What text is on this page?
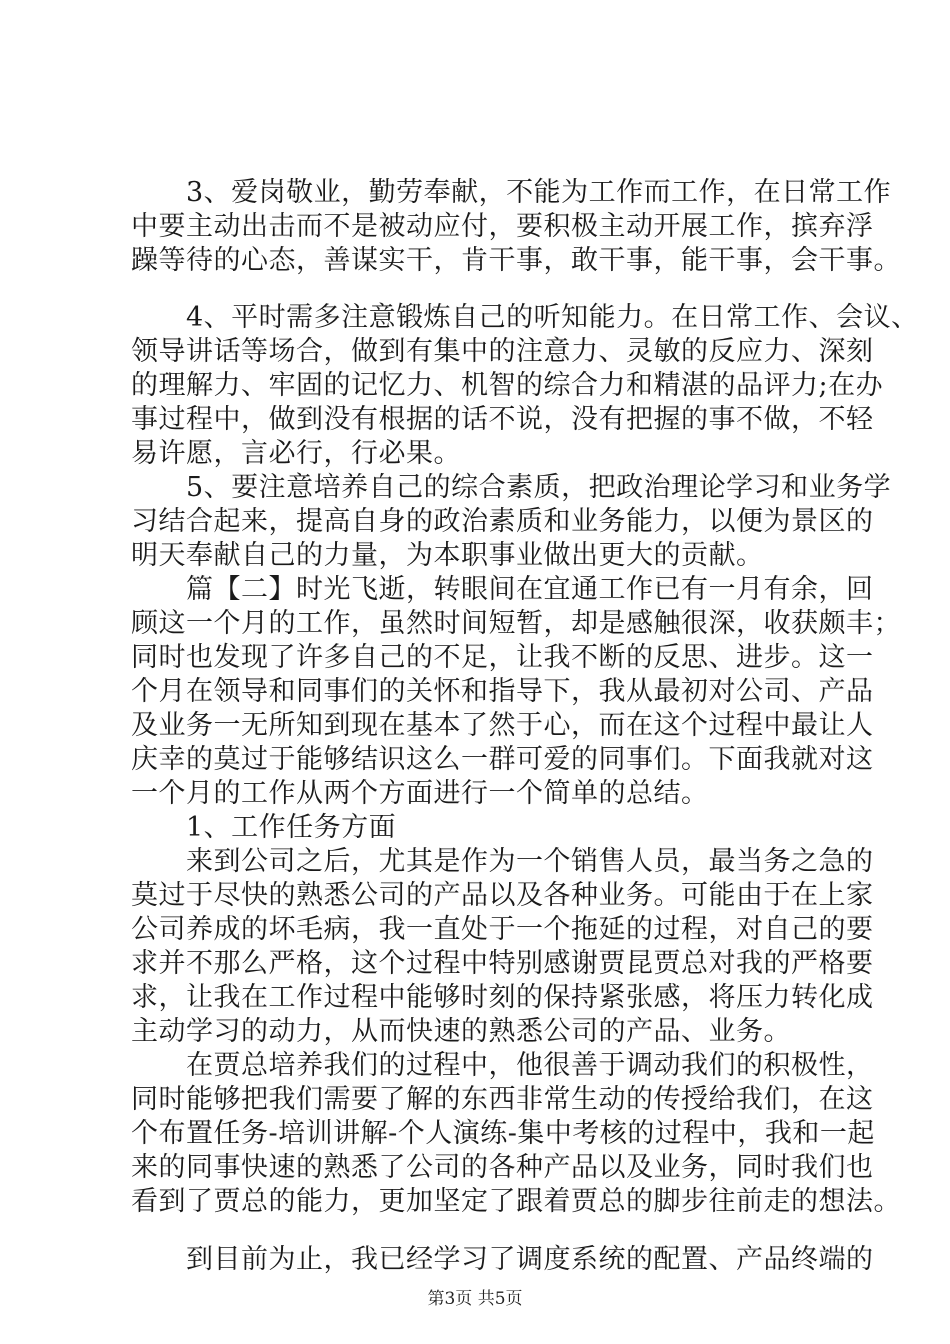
　　3、爱岗敬业，勤劳奉献，不能为工作而工作，在日常工作
中要主动出击而不是被动应付，要积极主动开展工作，摈弃浮
躁等待的心态，善谋实干，肯干事，敢干事，能干事，会干事。
　　4、平时需多注意锻炼自己的听知能力。在日常工作、会议、
领导讲话等场合，做到有集中的注意力、灵敏的反应力、深刻
的理解力、牢固的记忆力、机智的综合力和精湛的品评力;在办
事过程中，做到没有根据的话不说，没有把握的事不做，不轻
易许愿，言必行，行必果。
　　5、要注意培养自己的综合素质，把政治理论学习和业务学
习结合起来，提高自身的政治素质和业务能力，以便为景区的
明天奉献自己的力量，为本职事业做出更大的贡献。
　　篇【二】时光飞逝，转眼间在宜通工作已有一月有余，回
顾这一个月的工作，虽然时间短暂，却是感触很深，收获颇丰；
同时也发现了许多自己的不足，让我不断的反思、进步。这一
个月在领导和同事们的关怀和指导下，我从最初对公司、产品
及业务一无所知到现在基本了然于心，而在这个过程中最让人
庆幸的莫过于能够结识这么一群可爱的同事们。下面我就对这
一个月的工作从两个方面进行一个简单的总结。
　　1、工作任务方面
　　来到公司之后，尤其是作为一个销售人员，最当务之急的
莫过于尽快的熟悉公司的产品以及各种业务。可能由于在上家
公司养成的坏毛病，我一直处于一个拖延的过程，对自己的要
求并不那么严格，这个过程中特别感谢贾昆贾总对我的严格要
求，让我在工作过程中能够时刻的保持紧张感，将压力转化成
主动学习的动力，从而快速的熟悉公司的产品、业务。
　　在贾总培养我们的过程中，他很善于调动我们的积极性，
同时能够把我们需要了解的东西非常生动的传授给我们，在这
个布置任务-培训讲解-个人演练-集中考核的过程中，我和一起
来的同事快速的熟悉了公司的各种产品以及业务，同时我们也
看到了贾总的能力，更加坚定了跟着贾总的脚步往前走的想法。
　　到目前为止，我已经学习了调度系统的配置、产品终端的
第3页 共5页
